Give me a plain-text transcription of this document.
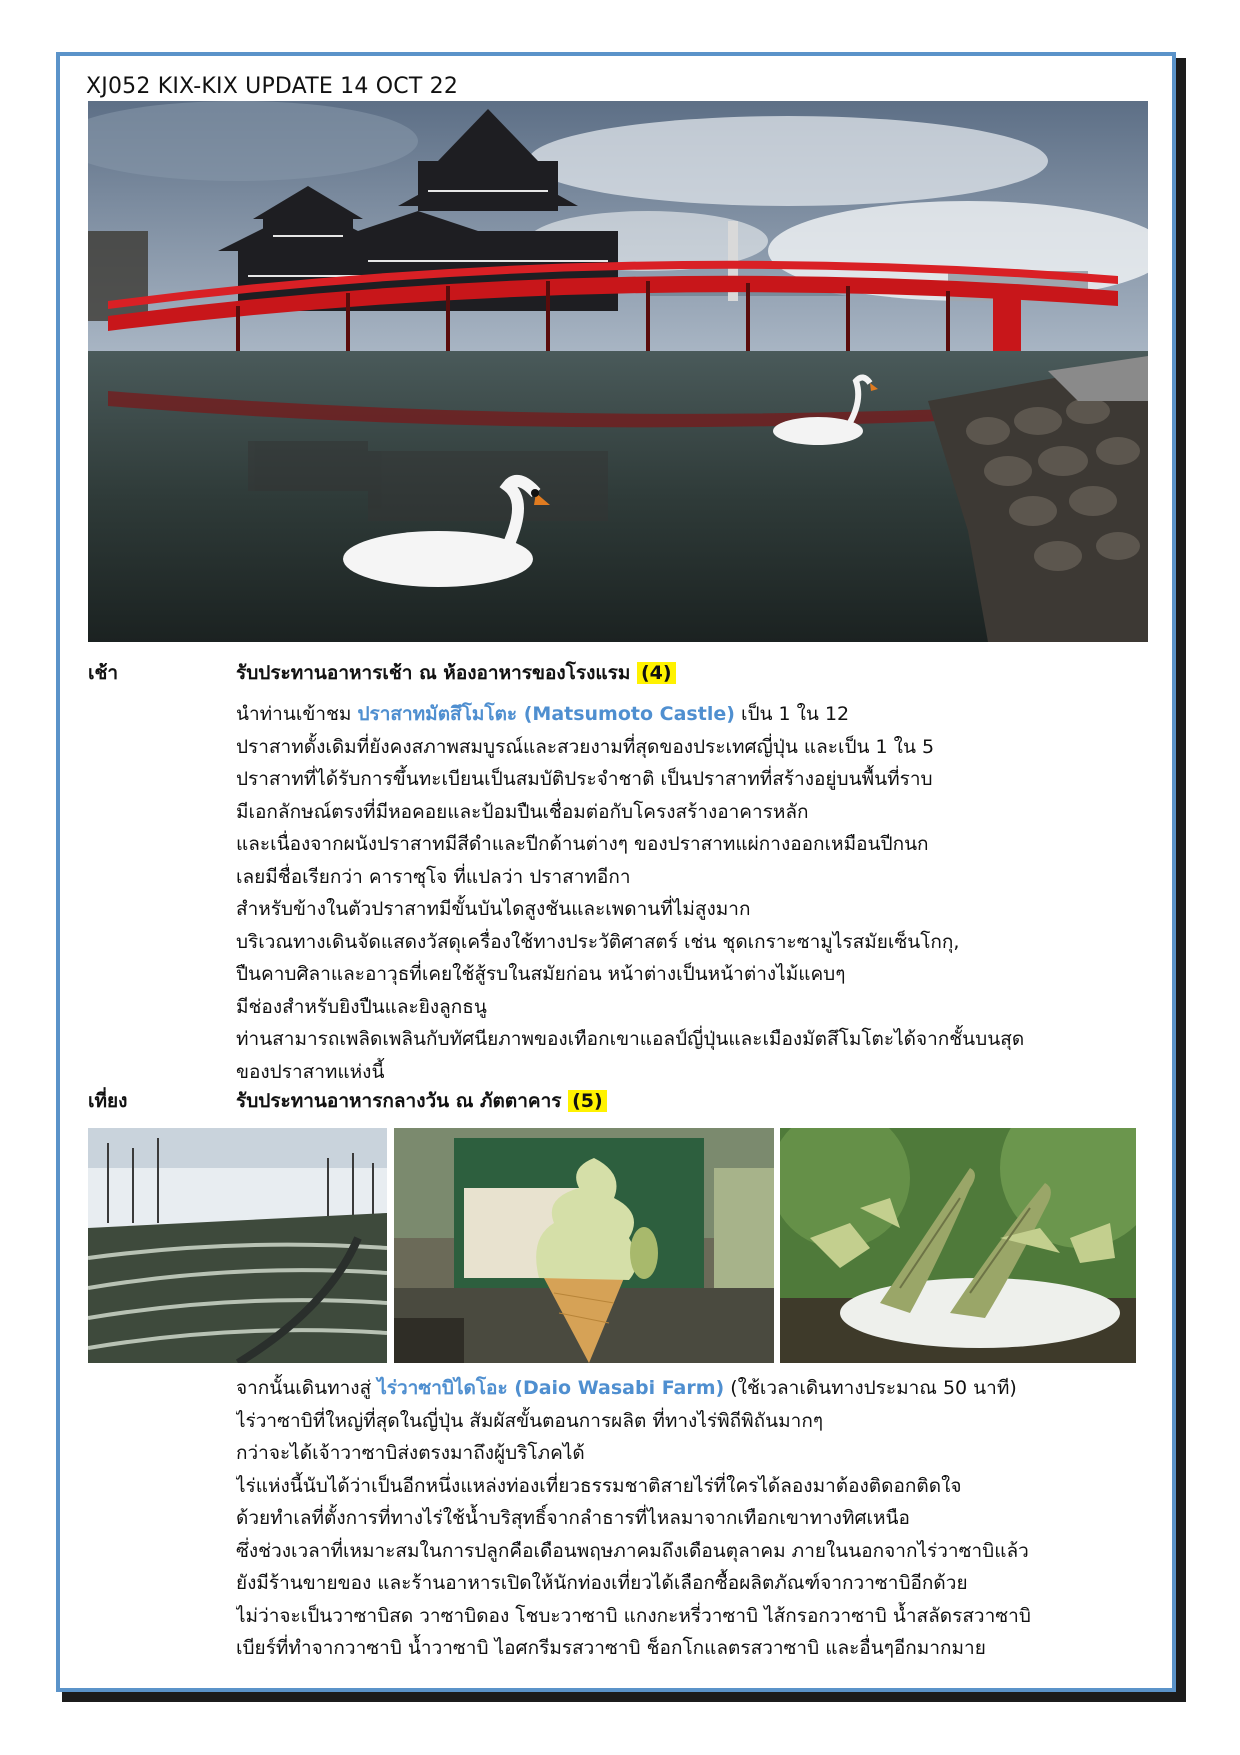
XJ052 KIX-KIX UPDATE 14 OCT 22
เช้า	รับประทานอาหารเช้า ณ ห้องอาหารของโรงแรม (4)
นำท่านเข้าชม ปราสาทมัตสึโมโตะ (Matsumoto Castle) เป็น 1 ใน 12
ปราสาทดั้งเดิมที่ยังคงสภาพสมบูรณ์และสวยงามที่สุดของประเทศญี่ปุ่น และเป็น 1 ใน 5
ปราสาทที่ได้รับการขึ้นทะเบียนเป็นสมบัติประจำชาติ เป็นปราสาทที่สร้างอยู่บนพื้นที่ราบ
มีเอกลักษณ์ตรงที่มีหอคอยและป้อมปืนเชื่อมต่อกับโครงสร้างอาคารหลัก
และเนื่องจากผนังปราสาทมีสีดำและปีกด้านต่างๆ ของปราสาทแผ่กางออกเหมือนปีกนก
เลยมีชื่อเรียกว่า คาราซุโจ ที่แปลว่า ปราสาทอีกา
สำหรับข้างในตัวปราสาทมีขั้นบันไดสูงชันและเพดานที่ไม่สูงมาก
บริเวณทางเดินจัดแสดงวัสดุเครื่องใช้ทางประวัติศาสตร์ เช่น ชุดเกราะซามูไรสมัยเซ็นโกกุ,
ปืนคาบศิลาและอาวุธที่เคยใช้สู้รบในสมัยก่อน หน้าต่างเป็นหน้าต่างไม้แคบๆ
มีช่องสำหรับยิงปืนและยิงลูกธนู
ท่านสามารถเพลิดเพลินกับทัศนียภาพของเทือกเขาแอลป์ญี่ปุ่นและเมืองมัตสึโมโตะได้จากชั้นบนสุด
ของปราสาทแห่งนี้
เที่ยง	รับประทานอาหารกลางวัน ณ ภัตตาคาร (5)
จากนั้นเดินทางสู่ ไร่วาซาบิไดโอะ (Daio Wasabi Farm) (ใช้เวลาเดินทางประมาณ 50 นาที)
ไร่วาซาบิที่ใหญ่ที่สุดในญี่ปุ่น สัมผัสขั้นตอนการผลิต ที่ทางไร่พิถีพิถันมากๆ
กว่าจะได้เจ้าวาซาบิส่งตรงมาถึงผู้บริโภคได้
ไร่แห่งนี้นับได้ว่าเป็นอีกหนึ่งแหล่งท่องเที่ยวธรรมชาติสายไร่ที่ใครได้ลองมาต้องติดอกติดใจ
ด้วยทำเลที่ตั้งการที่ทางไร่ใช้น้ำบริสุทธิ์จากลำธารที่ไหลมาจากเทือกเขาทางทิศเหนือ
ซึ่งช่วงเวลาที่เหมาะสมในการปลูกคือเดือนพฤษภาคมถึงเดือนตุลาคม ภายในนอกจากไร่วาซาบิแล้ว
ยังมีร้านขายของ และร้านอาหารเปิดให้นักท่องเที่ยวได้เลือกซื้อผลิตภัณฑ์จากวาซาบิอีกด้วย
ไม่ว่าจะเป็นวาซาบิสด วาซาบิดอง โชบะวาซาบิ แกงกะหรี่วาซาบิ ไส้กรอกวาซาบิ น้ำสลัดรสวาซาบิ
เบียร์ที่ทำจากวาซาบิ น้ำวาซาบิ ไอศกรีมรสวาซาบิ ช็อกโกแลตรสวาซาบิ และอื่นๆอีกมากมาย
